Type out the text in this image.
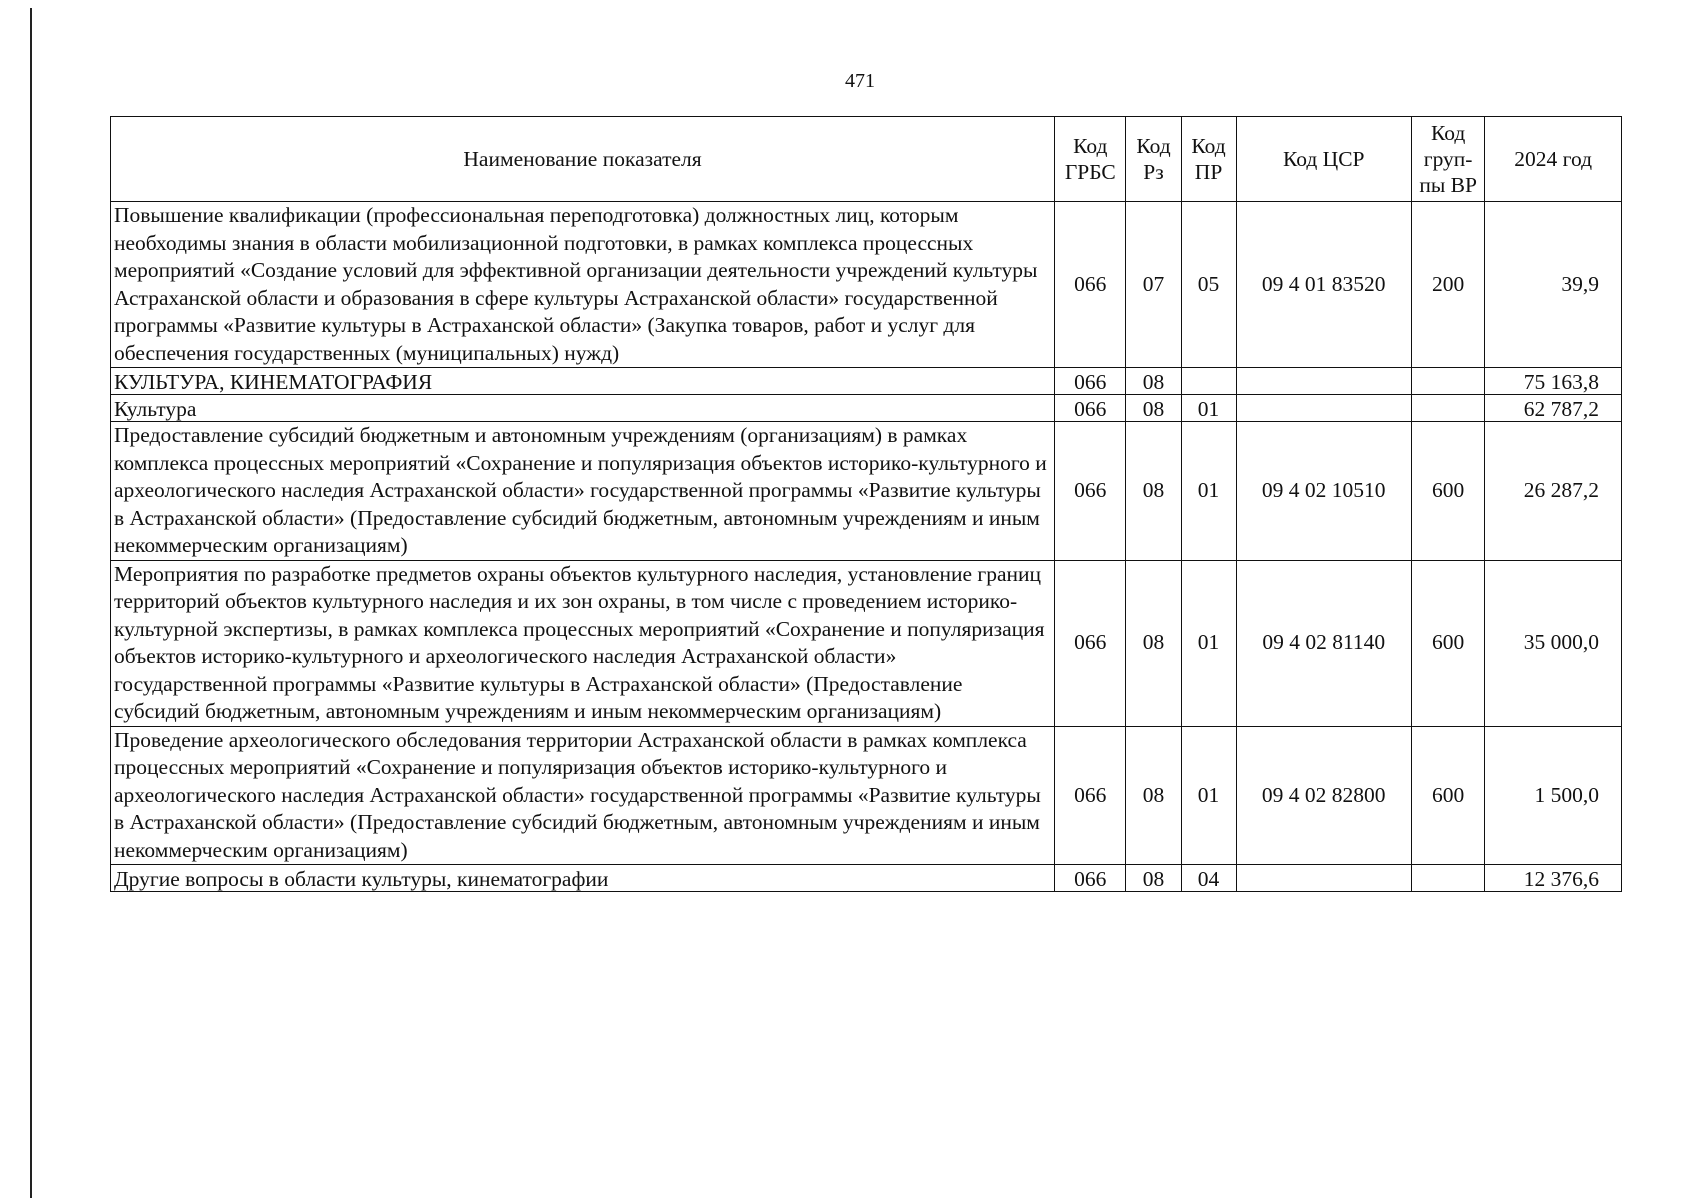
471
Наименование показателя	Код ГРБС	Код Рз	Код ПР	Код ЦСР	Код груп-пы ВР	2024 год
Повышение квалификации (профессиональная переподготовка) должностных лиц, которым необходимы знания в области мобилизационной подготовки, в рамках комплекса процессных мероприятий «Создание условий для эффективной организации деятельности учреждений культуры Астраханской области и образования в сфере культуры Астраханской области» государственной программы «Развитие культуры в Астраханской области» (Закупка товаров, работ и услуг для обеспечения государственных (муниципальных) нужд)	066	07	05	09 4 01 83520	200	39,9
КУЛЬТУРА, КИНЕМАТОГРАФИЯ	066	08				75 163,8
Культура	066	08	01			62 787,2
Предоставление субсидий бюджетным и автономным учреждениям (организациям) в рамках комплекса процессных мероприятий «Сохранение и популяризация объектов историко-культурного и археологического наследия Астраханской области» государственной программы «Развитие культуры в Астраханской области» (Предоставление субсидий бюджетным, автономным учреждениям и иным некоммерческим организациям)	066	08	01	09 4 02 10510	600	26 287,2
Мероприятия по разработке предметов охраны объектов культурного наследия, установление границ территорий объектов культурного наследия и их зон охраны, в том числе с проведением историко-культурной экспертизы, в рамках комплекса процессных мероприятий «Сохранение и популяризация объектов историко-культурного и археологического наследия Астраханской области» государственной программы «Развитие культуры в Астраханской области» (Предоставление субсидий бюджетным, автономным учреждениям и иным некоммерческим организациям)	066	08	01	09 4 02 81140	600	35 000,0
Проведение археологического обследования территории Астраханской области в рамках комплекса процессных мероприятий «Сохранение и популяризация объектов историко-культурного и археологического наследия Астраханской области» государственной программы «Развитие культуры в Астраханской области» (Предоставление субсидий бюджетным, автономным учреждениям и иным некоммерческим организациям)	066	08	01	09 4 02 82800	600	1 500,0
Другие вопросы в области культуры, кинематографии	066	08	04			12 376,6
